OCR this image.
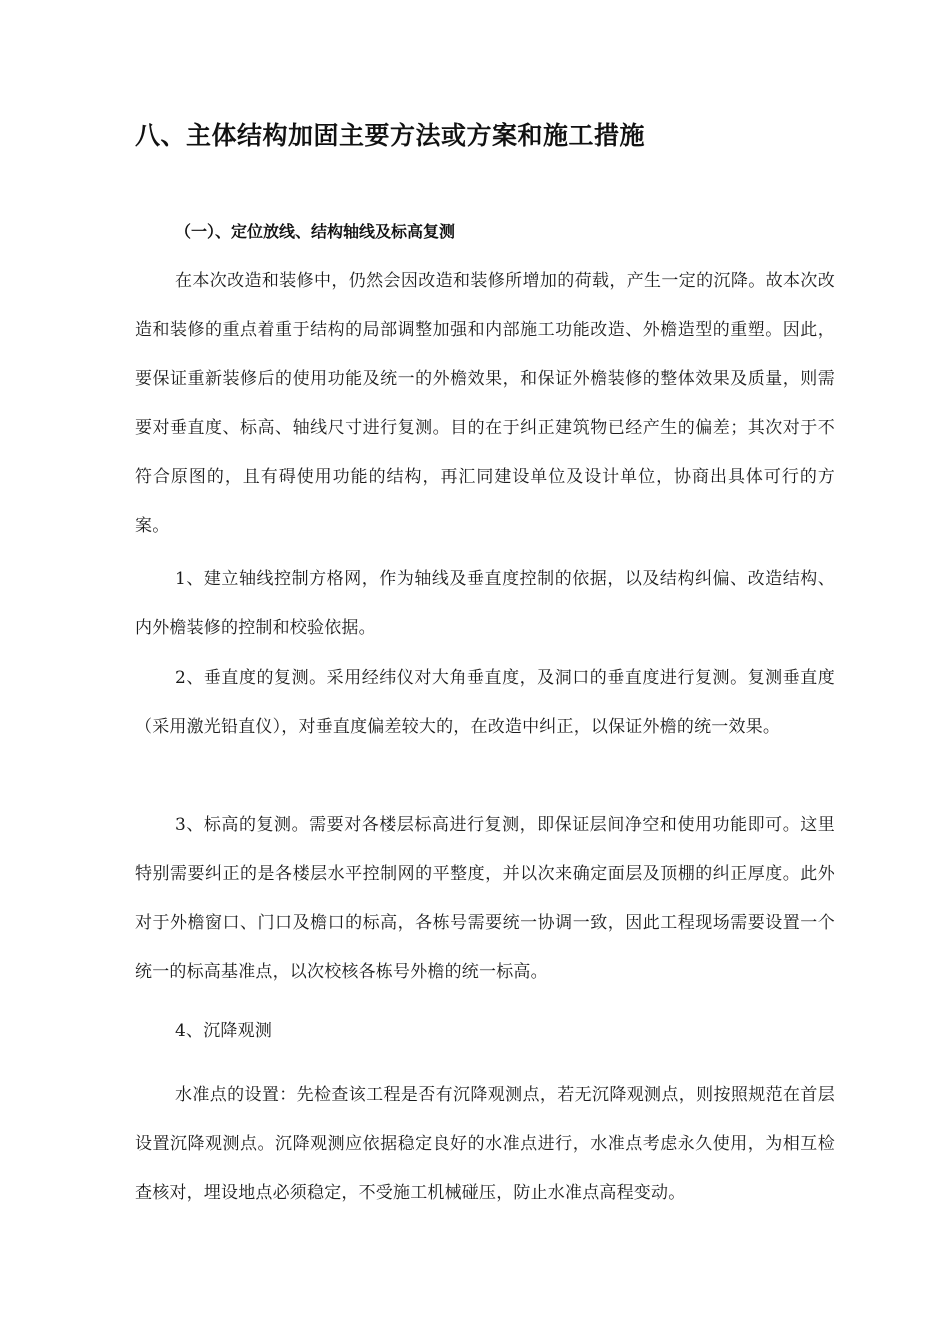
八、主体结构加固主要方法或方案和施工措施
（一）、定位放线、结构轴线及标高复测

在本次改造和装修中，仍然会因改造和装修所增加的荷载，产生一定的沉降。故本次改造和装修的重点着重于结构的局部调整加强和内部施工功能改造、外檐造型的重塑。因此，要保证重新装修后的使用功能及统一的外檐效果，和保证外檐装修的整体效果及质量，则需要对垂直度、标高、轴线尺寸进行复测。目的在于纠正建筑物已经产生的偏差；其次对于不符合原图的，且有碍使用功能的结构，再汇同建设单位及设计单位，协商出具体可行的方案。

1、建立轴线控制方格网，作为轴线及垂直度控制的依据，以及结构纠偏、改造结构、内外檐装修的控制和校验依据。

2、垂直度的复测。采用经纬仪对大角垂直度，及洞口的垂直度进行复测。复测垂直度（采用激光铅直仪），对垂直度偏差较大的，在改造中纠正，以保证外檐的统一效果。

3、标高的复测。需要对各楼层标高进行复测，即保证层间净空和使用功能即可。这里特别需要纠正的是各楼层水平控制网的平整度，并以次来确定面层及顶棚的纠正厚度。此外对于外檐窗口、门口及檐口的标高，各栋号需要统一协调一致，因此工程现场需要设置一个统一的标高基准点，以次校核各栋号外檐的统一标高。

4、沉降观测

水准点的设置：先检查该工程是否有沉降观测点，若无沉降观测点，则按照规范在首层设置沉降观测点。沉降观测应依据稳定良好的水准点进行，水准点考虑永久使用，为相互检查核对，埋设地点必须稳定，不受施工机械碰压，防止水准点高程变动。
